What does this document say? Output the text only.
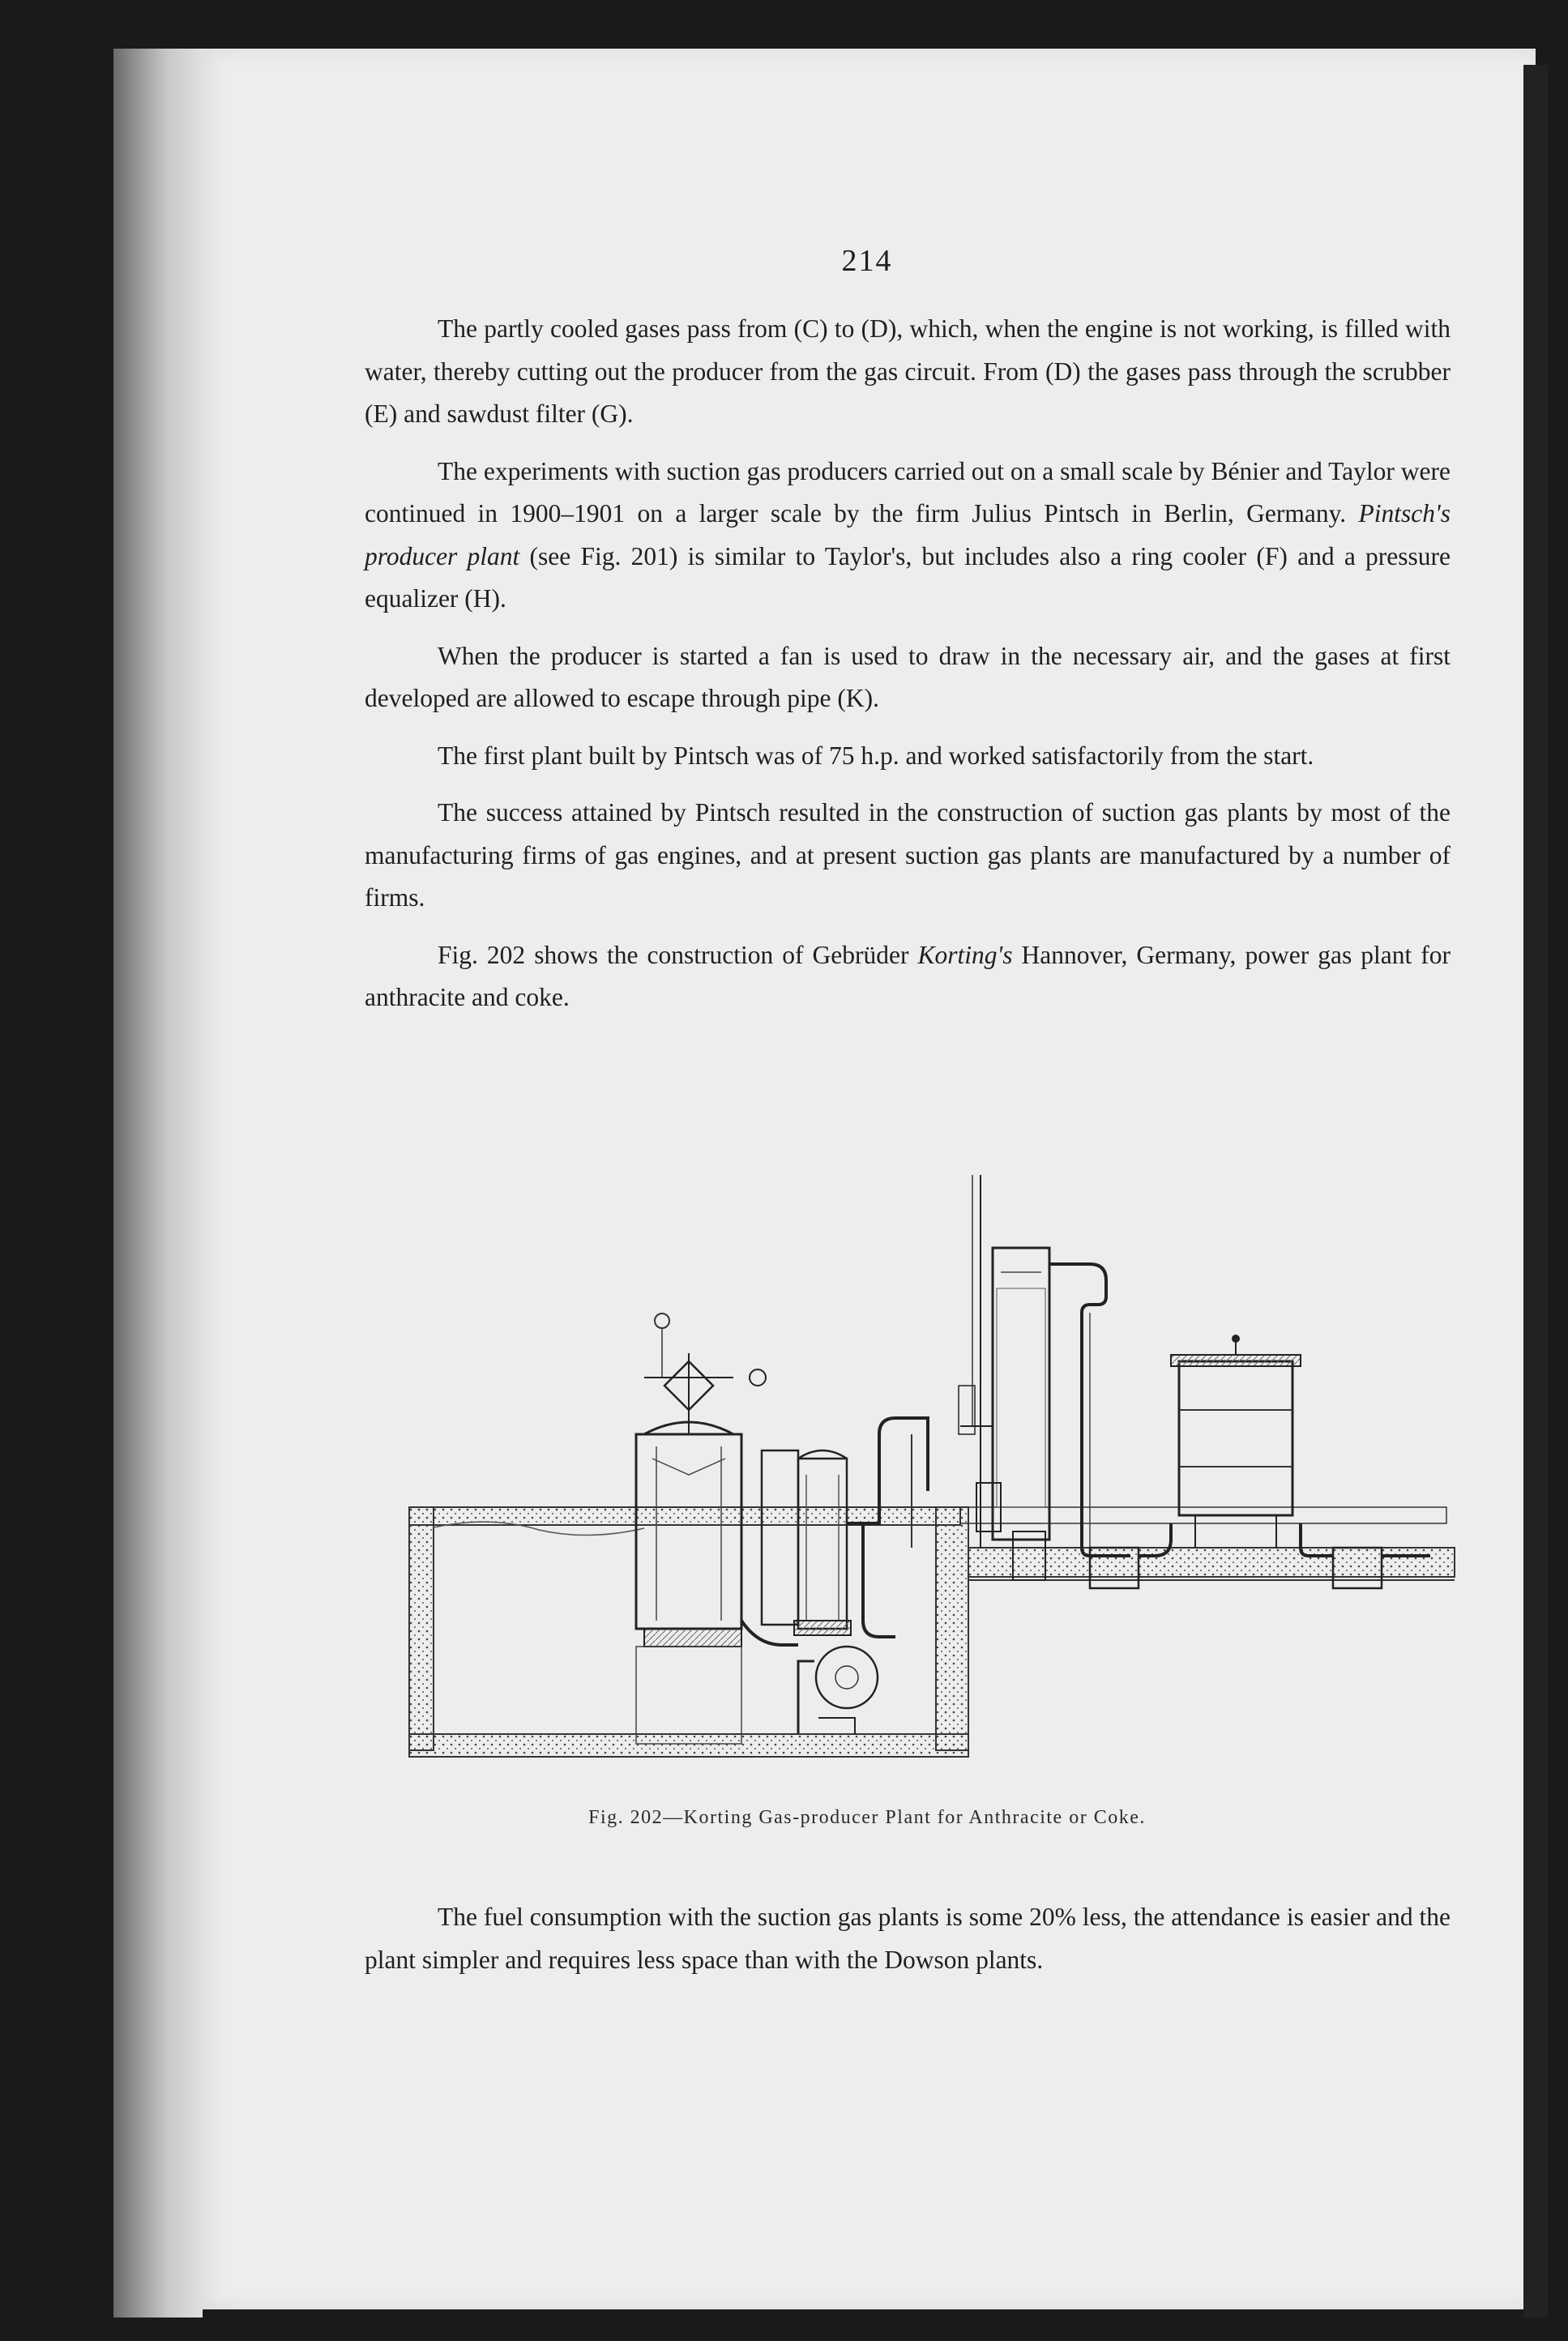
214

The partly cooled gases pass from (C) to (D), which, when the engine is not working, is filled with water, thereby cutting out the producer from the gas circuit. From (D) the gases pass through the scrubber (E) and sawdust filter (G).

The experiments with suction gas producers carried out on a small scale by Bénier and Taylor were continued in 1900–1901 on a larger scale by the firm Julius Pintsch in Berlin, Germany. Pintsch's producer plant (see Fig. 201) is similar to Taylor's, but includes also a ring cooler (F) and a pressure equalizer (H).

When the producer is started a fan is used to draw in the necessary air, and the gases at first developed are allowed to escape through pipe (K).

The first plant built by Pintsch was of 75 h.p. and worked satisfactorily from the start.

The success attained by Pintsch resulted in the construction of suction gas plants by most of the manufacturing firms of gas engines, and at present suction gas plants are manufactured by a number of firms.

Fig. 202 shows the construction of Gebrüder Korting's Hannover, Germany, power gas plant for anthracite and coke.

Fig. 202—Korting Gas-producer Plant for Anthracite or Coke.

The fuel consumption with the suction gas plants is some 20% less, the attendance is easier and the plant simpler and requires less space than with the Dowson plants.
